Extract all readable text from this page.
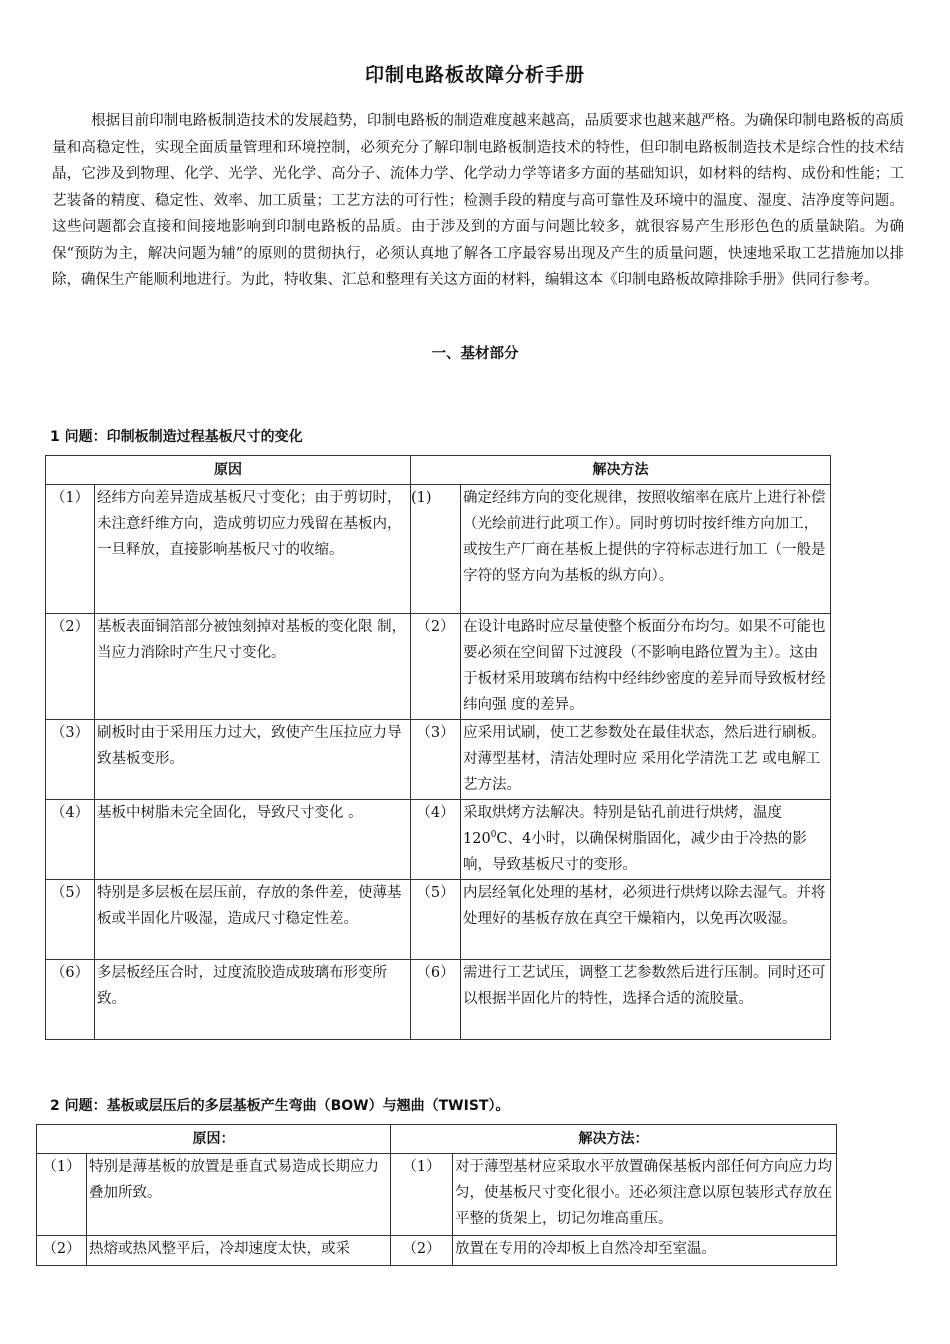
印制电路板故障分析手册

根据目前印制电路板制造技术的发展趋势，印制电路板的制造难度越来越高，品质要求也越来越严格。为确保印制电路板的高质量和高稳定性，实现全面质量管理和环境控制，必须充分了解印制电路板制造技术的特性，但印制电路板制造技术是综合性的技术结晶，它涉及到物理、化学、光学、光化学、高分子、流体力学、化学动力学等诸多方面的基础知识，如材料的结构、成份和性能；工艺装备的精度、稳定性、效率、加工质量；工艺方法的可行性；检测手段的精度与高可靠性及环境中的温度、湿度、洁净度等问题。这些问题都会直接和间接地影响到印制电路板的品质。由于涉及到的方面与问题比较多，就很容易产生形形色色的质量缺陷。为确保“预防为主，解决问题为辅”的原则的贯彻执行，必须认真地了解各工序最容易出现及产生的质量问题，快速地采取工艺措施加以排除，确保生产能顺利地进行。为此，特收集、汇总和整理有关这方面的材料，编辑这本《印制电路板故障排除手册》供同行参考。

一、基材部分
1 问题：印制板制造过程基板尺寸的变化
原因		解决方法	
（1）	经纬方向差异造成基板尺寸变化；由于剪切时，未注意纤维方向，造成剪切应力残留在基板内，一旦释放，直接影响基板尺寸的收缩。	(1)	确定经纬方向的变化规律，按照收缩率在底片上进行补偿（光绘前进行此项工作）。同时剪切时按纤维方向加工，或按生产厂商在基板上提供的字符标志进行加工（一般是字符的竖方向为基板的纵方向）。
（2）	基板表面铜箔部分被蚀刻掉对基板的变化限 制，当应力消除时产生尺寸变化。	（2）	在设计电路时应尽量使整个板面分布均匀。如果不可能也要必须在空间留下过渡段（不影响电路位置为主）。这由于板材采用玻璃布结构中经纬纱密度的差异而导致板材经纬向强 度的差异。
（3）	刷板时由于采用压力过大，致使产生压拉应力导致基板变形。	（3）	应采用试刷，使工艺参数处在最佳状态，然后进行刷板。对薄型基材，清洁处理时应 采用化学清洗工艺 或电解工艺方法。
（4）	基板中树脂未完全固化，导致尺寸变化 。	（4）	采取烘烤方法解决。特别是钻孔前进行烘烤，温度$120^0C$、4小时，以确保树脂固化，减少由于冷热的影响，导致基板尺寸的变形。
（5）	特别是多层板在层压前，存放的条件差，使薄基板或半固化片吸湿，造成尺寸稳定性差。	（5）	内层经氧化处理的基材，必须进行烘烤以除去湿气。并将处理好的基板存放在真空干燥箱内，以免再次吸湿。
（6）	多层板经压合时，过度流胶造成玻璃布形变所致。	（6）	需进行工艺试压，调整工艺参数然后进行压制。同时还可以根据半固化片的特性，选择合适的流胶量。
2 问题：基板或层压后的多层基板产生弯曲（BOW）与翘曲（TWIST）。
原因：		解决方法：	
（1）	特别是薄基板的放置是垂直式易造成长期应力叠加所致。	（1）	对于薄型基材应采取水平放置确保基板内部任何方向应力均匀，使基板尺寸变化很小。还必须注意以原包装形式存放在平整的货架上，切记勿堆高重压。
（2）	热熔或热风整平后，冷却速度太快，或采	（2）	放置在专用的冷却板上自然冷却至室温。
